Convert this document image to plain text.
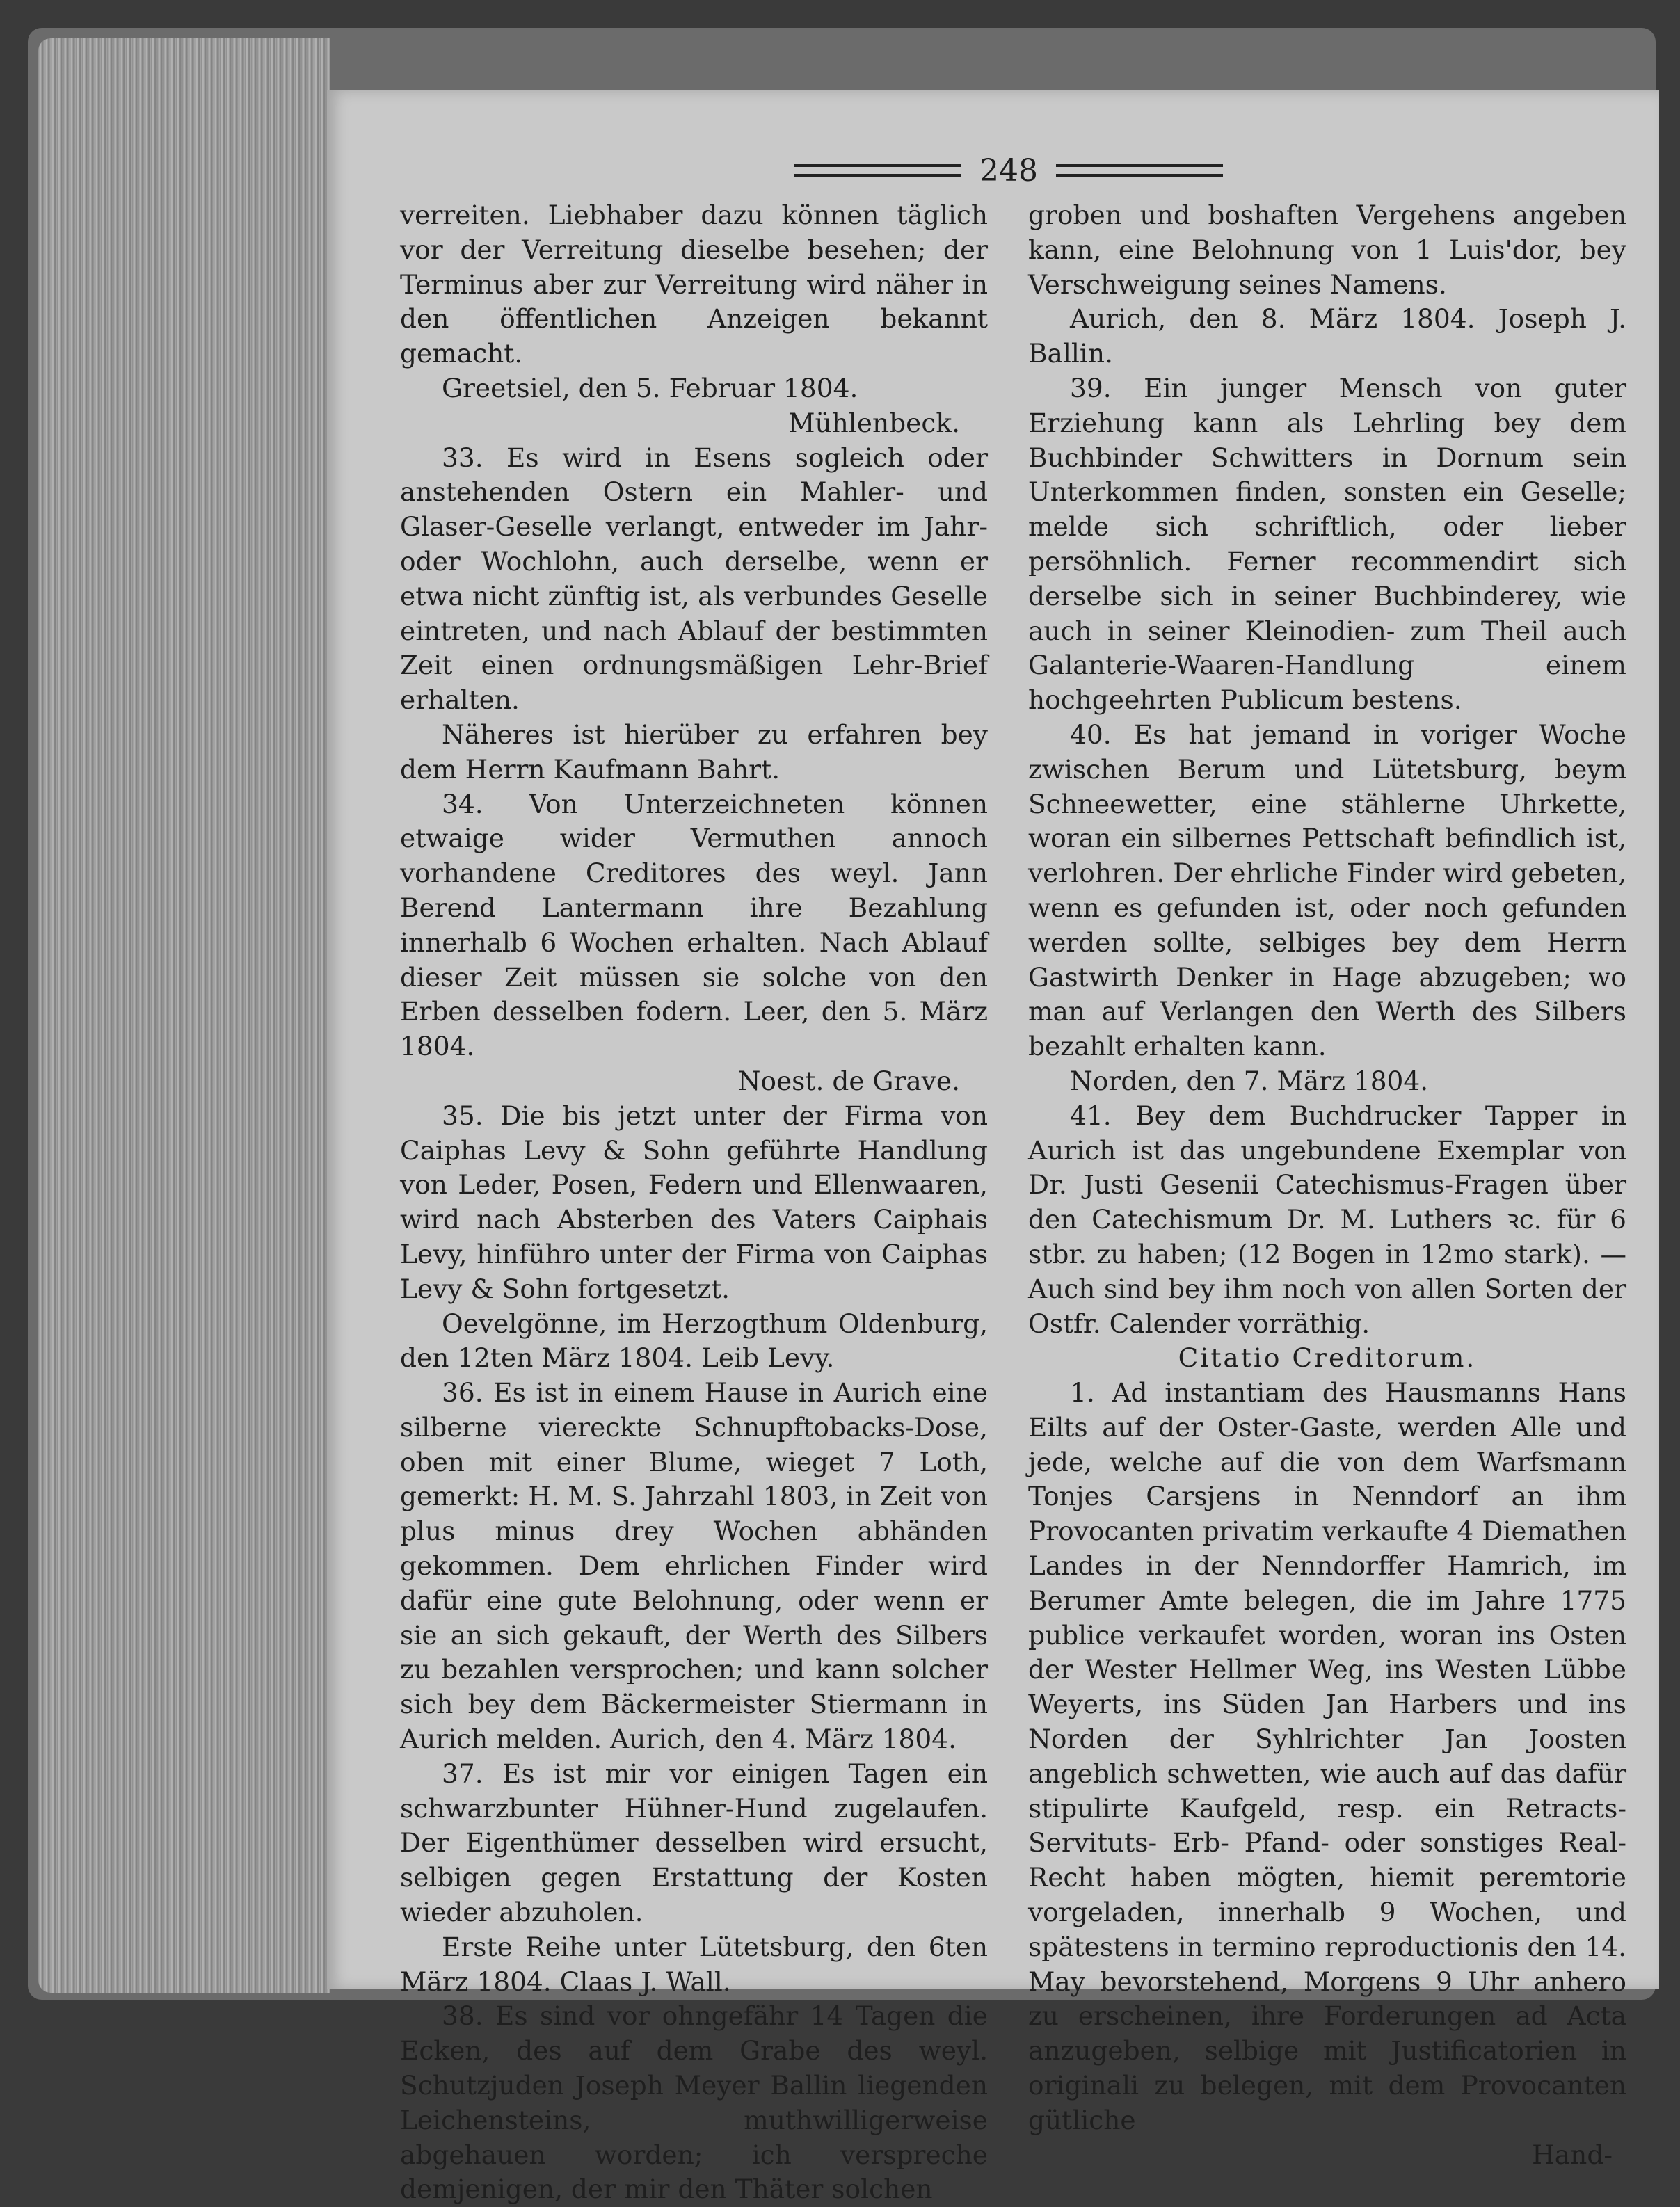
248

verreiten. Liebhaber dazu können täglich vor der Verreitung dieselbe besehen; der Terminus aber zur Verreitung wird näher in den öffentlichen Anzeigen bekannt gemacht.

Greetsiel, den 5. Februar 1804.

Mühlenbeck.

33. Es wird in Esens sogleich oder anstehenden Ostern ein Mahler- und Glaser-Geselle verlangt, entweder im Jahr- oder Wochlohn, auch derselbe, wenn er etwa nicht zünftig ist, als verbundes Geselle eintreten, und nach Ablauf der bestimmten Zeit einen ordnungsmäßigen Lehr-Brief erhalten.

Näheres ist hierüber zu erfahren bey dem Herrn Kaufmann Bahrt.

34. Von Unterzeichneten können etwaige wider Vermuthen annoch vorhandene Creditores des weyl. Jann Berend Lantermann ihre Bezahlung innerhalb 6 Wochen erhalten. Nach Ablauf dieser Zeit müssen sie solche von den Erben desselben fodern. Leer, den 5. März 1804.

Noest. de Grave.

35. Die bis jetzt unter der Firma von Caiphas Levy & Sohn geführte Handlung von Leder, Posen, Federn und Ellenwaaren, wird nach Absterben des Vaters Caiphais Levy, hinführo unter der Firma von Caiphas Levy & Sohn fortgesetzt.

Oevelgönne, im Herzogthum Oldenburg, den 12ten März 1804. Leib Levy.

36. Es ist in einem Hause in Aurich eine silberne viereckte Schnupftobacks-Dose, oben mit einer Blume, wieget 7 Loth, gemerkt: H. M. S. Jahrzahl 1803, in Zeit von plus minus drey Wochen abhänden gekommen. Dem ehrlichen Finder wird dafür eine gute Belohnung, oder wenn er sie an sich gekauft, der Werth des Silbers zu bezahlen versprochen; und kann solcher sich bey dem Bäckermeister Stiermann in Aurich melden. Aurich, den 4. März 1804.

37. Es ist mir vor einigen Tagen ein schwarzbunter Hühner-Hund zugelaufen. Der Eigenthümer desselben wird ersucht, selbigen gegen Erstattung der Kosten wieder abzuholen.

Erste Reihe unter Lütetsburg, den 6ten März 1804. Claas J. Wall.

38. Es sind vor ohngefähr 14 Tagen die Ecken, des auf dem Grabe des weyl. Schutzjuden Joseph Meyer Ballin liegenden Leichensteins, muthwilligerweise abgehauen worden; ich verspreche demjenigen, der mir den Thäter solchen

groben und boshaften Vergehens angeben kann, eine Belohnung von 1 Luis'dor, bey Verschweigung seines Namens.

Aurich, den 8. März 1804. Joseph J. Ballin.

39. Ein junger Mensch von guter Erziehung kann als Lehrling bey dem Buchbinder Schwitters in Dornum sein Unterkommen finden, sonsten ein Geselle; melde sich schriftlich, oder lieber persöhnlich. Ferner recommendirt sich derselbe sich in seiner Buchbinderey, wie auch in seiner Kleinodien- zum Theil auch Galanterie-Waaren-Handlung einem hochgeehrten Publicum bestens.

40. Es hat jemand in voriger Woche zwischen Berum und Lütetsburg, beym Schneewetter, eine stählerne Uhrkette, woran ein silbernes Pettschaft befindlich ist, verlohren. Der ehrliche Finder wird gebeten, wenn es gefunden ist, oder noch gefunden werden sollte, selbiges bey dem Herrn Gastwirth Denker in Hage abzugeben; wo man auf Verlangen den Werth des Silbers bezahlt erhalten kann.

Norden, den 7. März 1804.

41. Bey dem Buchdrucker Tapper in Aurich ist das ungebundene Exemplar von Dr. Justi Gesenii Catechismus-Fragen über den Catechismum Dr. M. Luthers ꝛc. für 6 stbr. zu haben; (12 Bogen in 12mo stark). — Auch sind bey ihm noch von allen Sorten der Ostfr. Calender vorräthig.

Citatio Creditorum.

1. Ad instantiam des Hausmanns Hans Eilts auf der Oster-Gaste, werden Alle und jede, welche auf die von dem Warfsmann Tonjes Carsjens in Nenndorf an ihm Provocanten privatim verkaufte 4 Diemathen Landes in der Nenndorffer Hamrich, im Berumer Amte belegen, die im Jahre 1775 publice verkaufet worden, woran ins Osten der Wester Hellmer Weg, ins Westen Lübbe Weyerts, ins Süden Jan Harbers und ins Norden der Syhlrichter Jan Joosten angeblich schwetten, wie auch auf das dafür stipulirte Kaufgeld, resp. ein Retracts- Servituts- Erb- Pfand- oder sonstiges Real-Recht haben mögten, hiemit peremtorie vorgeladen, innerhalb 9 Wochen, und spätestens in termino reproductionis den 14. May bevorstehend, Morgens 9 Uhr anhero zu erscheinen, ihre Forderungen ad Acta anzugeben, selbige mit Justificatorien in originali zu belegen, mit dem Provocanten gütliche

Hand-
